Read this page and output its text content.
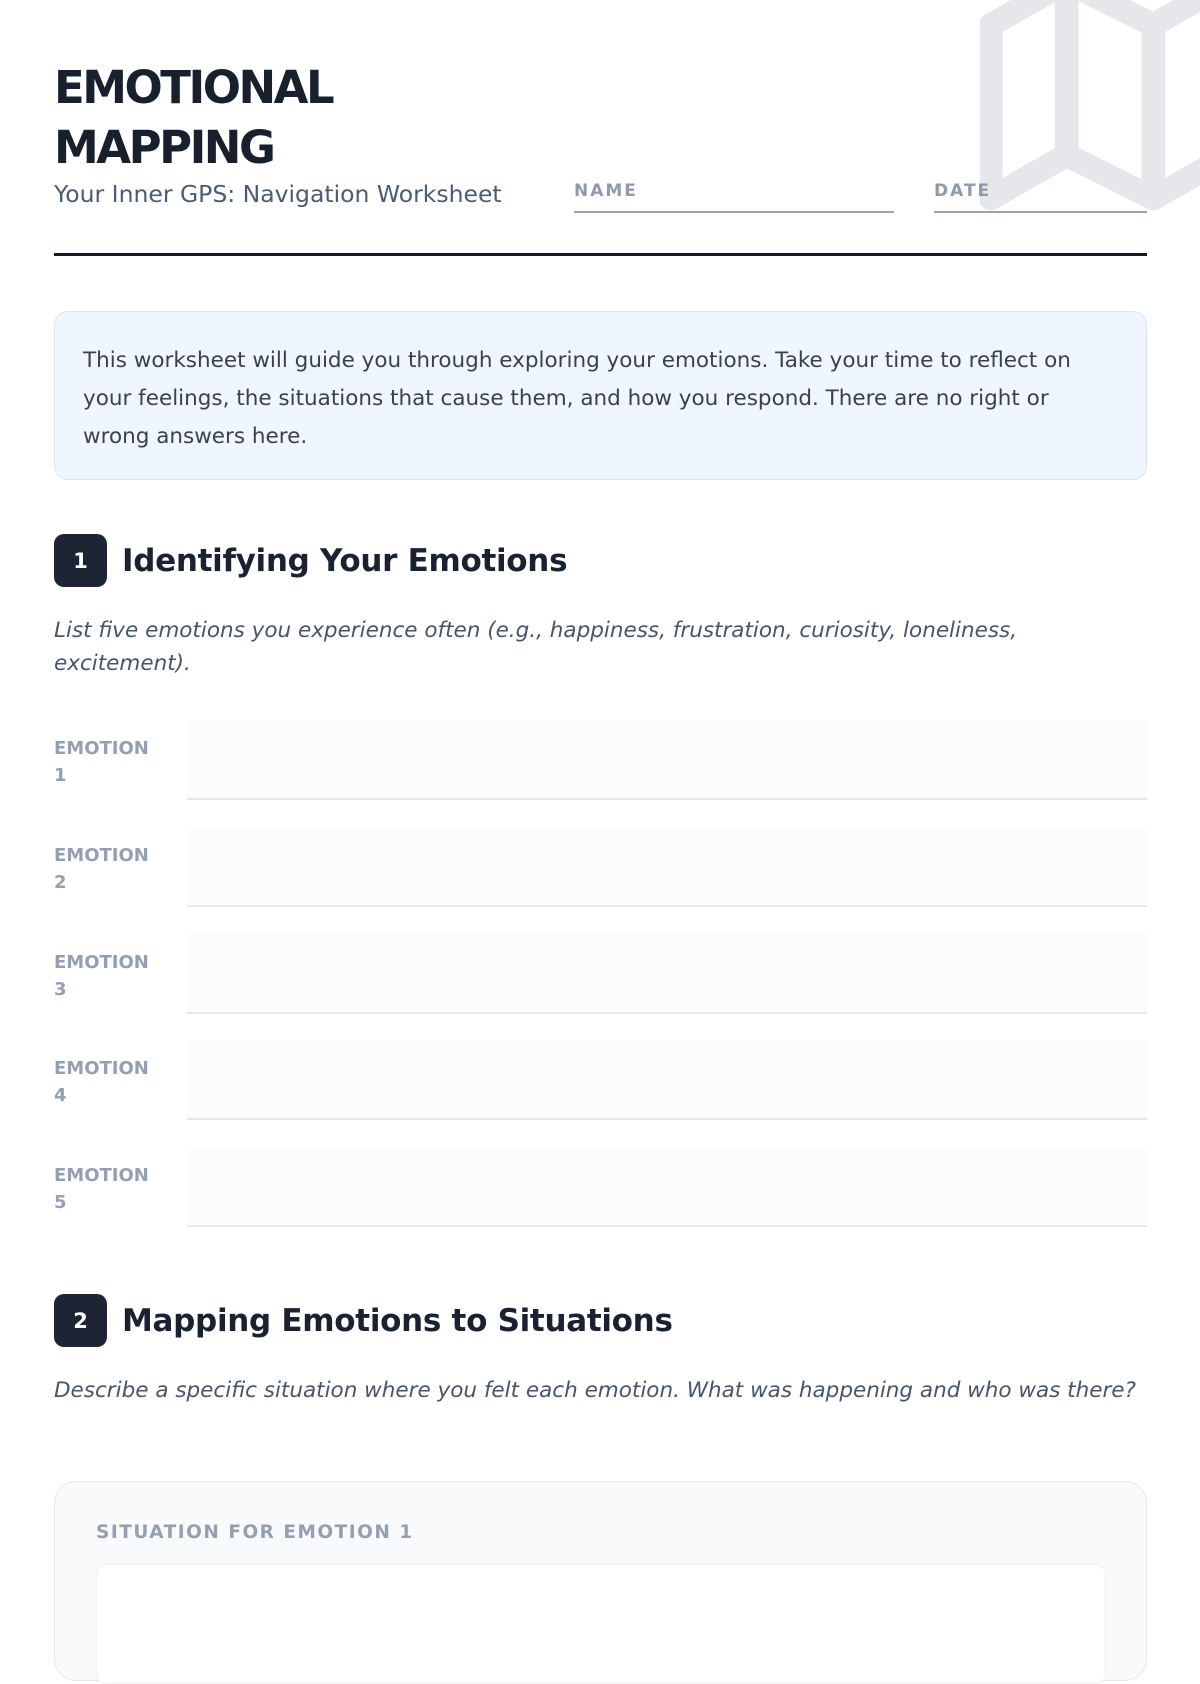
EMOTIONAL
MAPPING
Your Inner GPS: Navigation Worksheet	NAME	DATE
This worksheet will guide you through exploring your emotions. Take your time to reflect on your feelings, the situations that cause them, and how you respond. There are no right or wrong answers here.
1	Identifying Your Emotions

List five emotions you experience often (e.g., happiness, frustration, curiosity, loneliness, excitement).

EMOTION
1
EMOTION
2
EMOTION
3
EMOTION
4
EMOTION
5
2	Mapping Emotions to Situations

Describe a specific situation where you felt each emotion. What was happening and who was there?

SITUATION FOR EMOTION 1
